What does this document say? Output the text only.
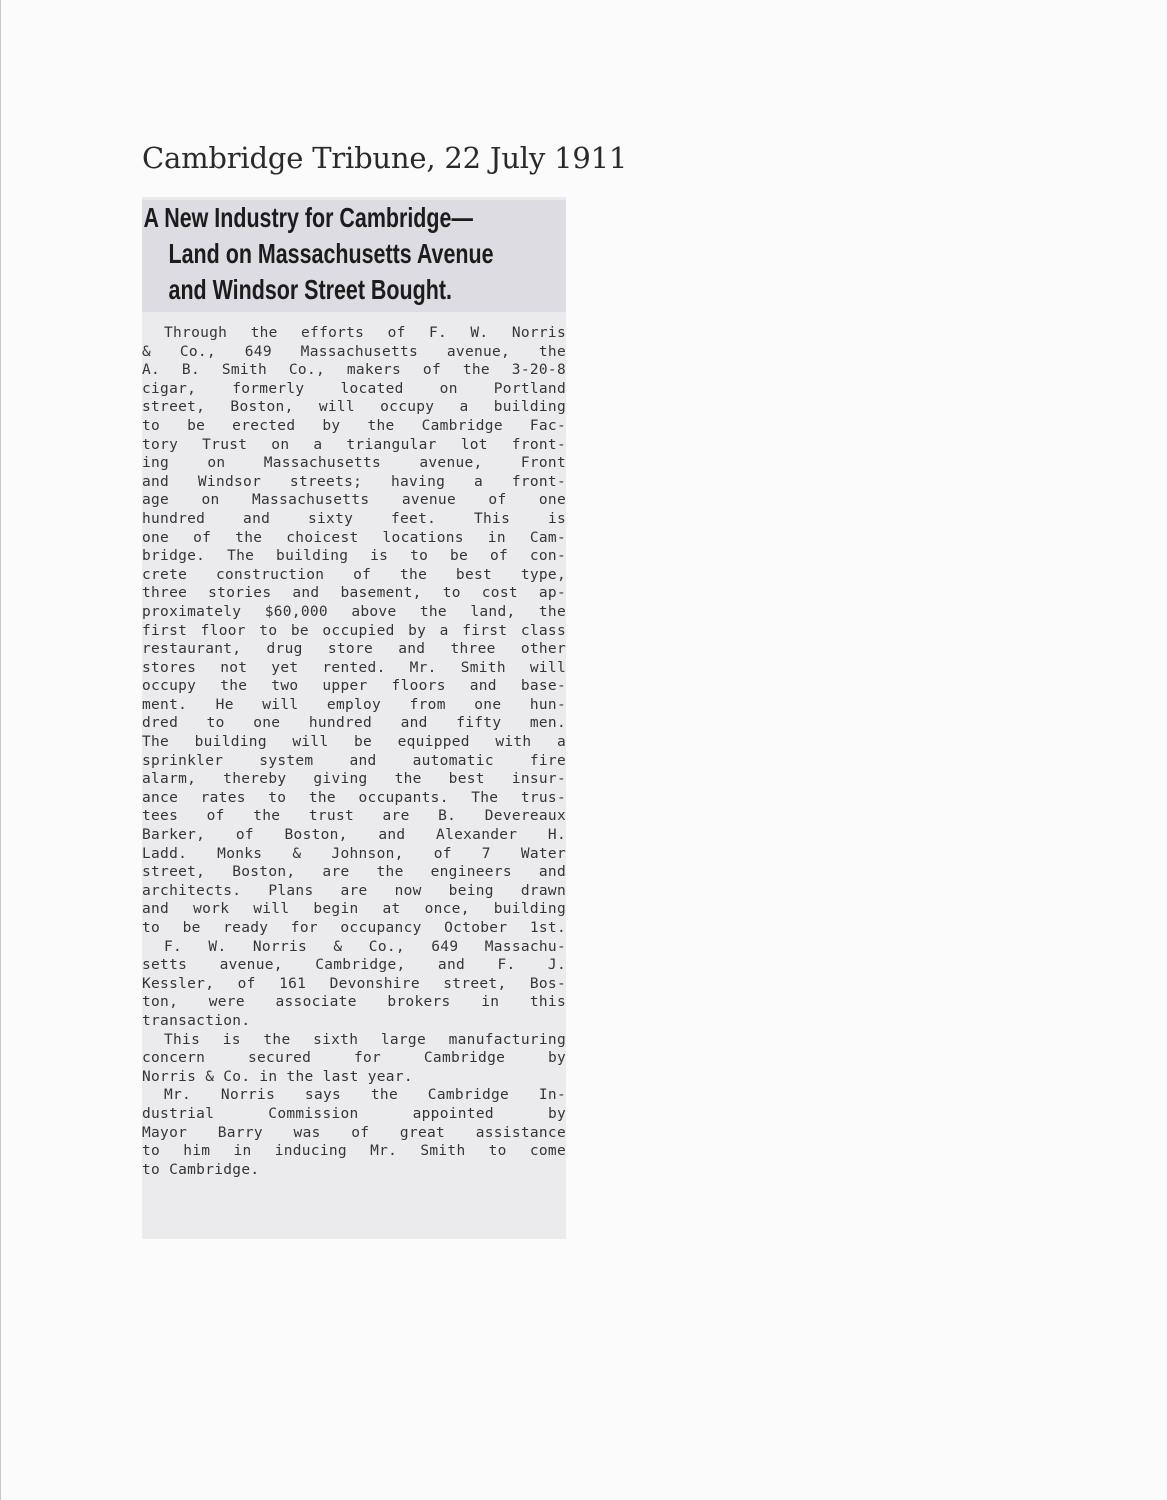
Cambridge Tribune, 22 July 1911
A New Industry for Cambridge—
Land on Massachusetts Avenue
and Windsor Street Bought.
Through the efforts of F. W. Norris
& Co., 649 Massachusetts avenue, the
A. B. Smith Co., makers of the 3-20-8
cigar, formerly located on Portland
street, Boston, will occupy a building
to be erected by the Cambridge Fac-
tory Trust on a triangular lot front-
ing on Massachusetts avenue, Front
and Windsor streets; having a front-
age on Massachusetts avenue of one
hundred and sixty feet. This is
one of the choicest locations in Cam-
bridge. The building is to be of con-
crete construction of the best type,
three stories and basement, to cost ap-
proximately $60,000 above the land, the
first floor to be occupied by a first class
restaurant, drug store and three other
stores not yet rented. Mr. Smith will
occupy the two upper floors and base-
ment. He will employ from one hun-
dred to one hundred and fifty men.
The building will be equipped with a
sprinkler system and automatic fire
alarm, thereby giving the best insur-
ance rates to the occupants. The trus-
tees of the trust are B. Devereaux
Barker, of Boston, and Alexander H.
Ladd. Monks & Johnson, of 7 Water
street, Boston, are the engineers and
architects. Plans are now being drawn
and work will begin at once, building
to be ready for occupancy October 1st.
F. W. Norris & Co., 649 Massachu-
setts avenue, Cambridge, and F. J.
Kessler, of 161 Devonshire street, Bos-
ton, were associate brokers in this
transaction.
This is the sixth large manufacturing
concern secured for Cambridge by
Norris & Co. in the last year.
Mr. Norris says the Cambridge In-
dustrial Commission appointed by
Mayor Barry was of great assistance
to him in inducing Mr. Smith to come
to Cambridge.
